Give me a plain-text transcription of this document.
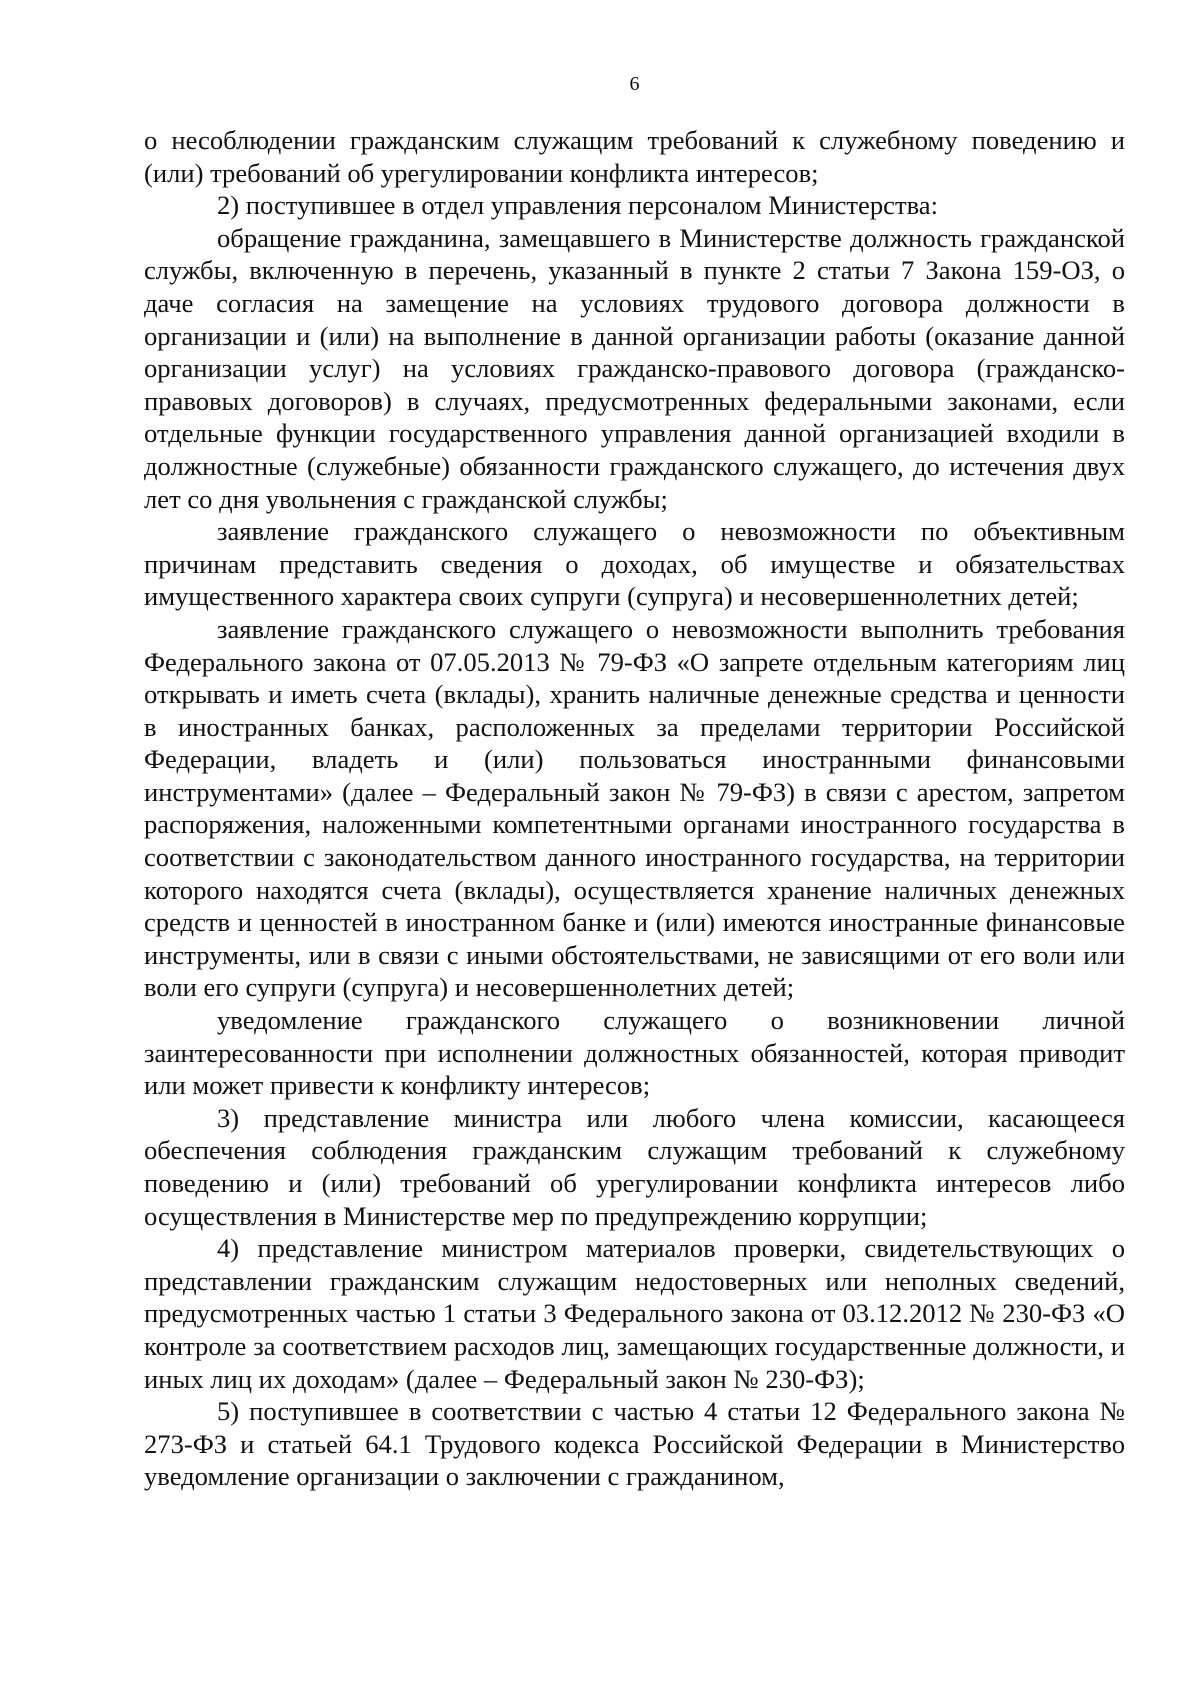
6

о несоблюдении гражданским служащим требований к служебному поведению и (или) требований об урегулировании конфликта интересов;

2) поступившее в отдел управления персоналом Министерства:

обращение гражданина, замещавшего в Министерстве должность гражданской службы, включенную в перечень, указанный в пункте 2 статьи 7 Закона 159-ОЗ, о даче согласия на замещение на условиях трудового договора должности в организации и (или) на выполнение в данной организации работы (оказание данной организации услуг) на условиях гражданско-правового договора (гражданско-правовых договоров) в случаях, предусмотренных федеральными законами, если отдельные функции государственного управления данной организацией входили в должностные (служебные) обязанности гражданского служащего, до истечения двух лет со дня увольнения с гражданской службы;

заявление гражданского служащего о невозможности по объективным причинам представить сведения о доходах, об имуществе и обязательствах имущественного характера своих супруги (супруга) и несовершеннолетних детей;

заявление гражданского служащего о невозможности выполнить требования Федерального закона от 07.05.2013 № 79-ФЗ «О запрете отдельным категориям лиц открывать и иметь счета (вклады), хранить наличные денежные средства и ценности в иностранных банках, расположенных за пределами территории Российской Федерации, владеть и (или) пользоваться иностранными финансовыми инструментами» (далее – Федеральный закон № 79-ФЗ) в связи с арестом, запретом распоряжения, наложенными компетентными органами иностранного государства в соответствии с законодательством данного иностранного государства, на территории которого находятся счета (вклады), осуществляется хранение наличных денежных средств и ценностей в иностранном банке и (или) имеются иностранные финансовые инструменты, или в связи с иными обстоятельствами, не зависящими от его воли или воли его супруги (супруга) и несовершеннолетних детей;

уведомление гражданского служащего о возникновении личной заинтересованности при исполнении должностных обязанностей, которая приводит или может привести к конфликту интересов;

3) представление министра или любого члена комиссии, касающееся обеспечения соблюдения гражданским служащим требований к служебному поведению и (или) требований об урегулировании конфликта интересов либо осуществления в Министерстве мер по предупреждению коррупции;

4) представление министром материалов проверки, свидетельствующих о представлении гражданским служащим недостоверных или неполных сведений, предусмотренных частью 1 статьи 3 Федерального закона от 03.12.2012 № 230-ФЗ «О контроле за соответствием расходов лиц, замещающих государственные должности, и иных лиц их доходам» (далее – Федеральный закон № 230-ФЗ);

5) поступившее в соответствии с частью 4 статьи 12 Федерального закона № 273-ФЗ и статьей 64.1 Трудового кодекса Российской Федерации в Министерство уведомление организации о заключении с гражданином,
